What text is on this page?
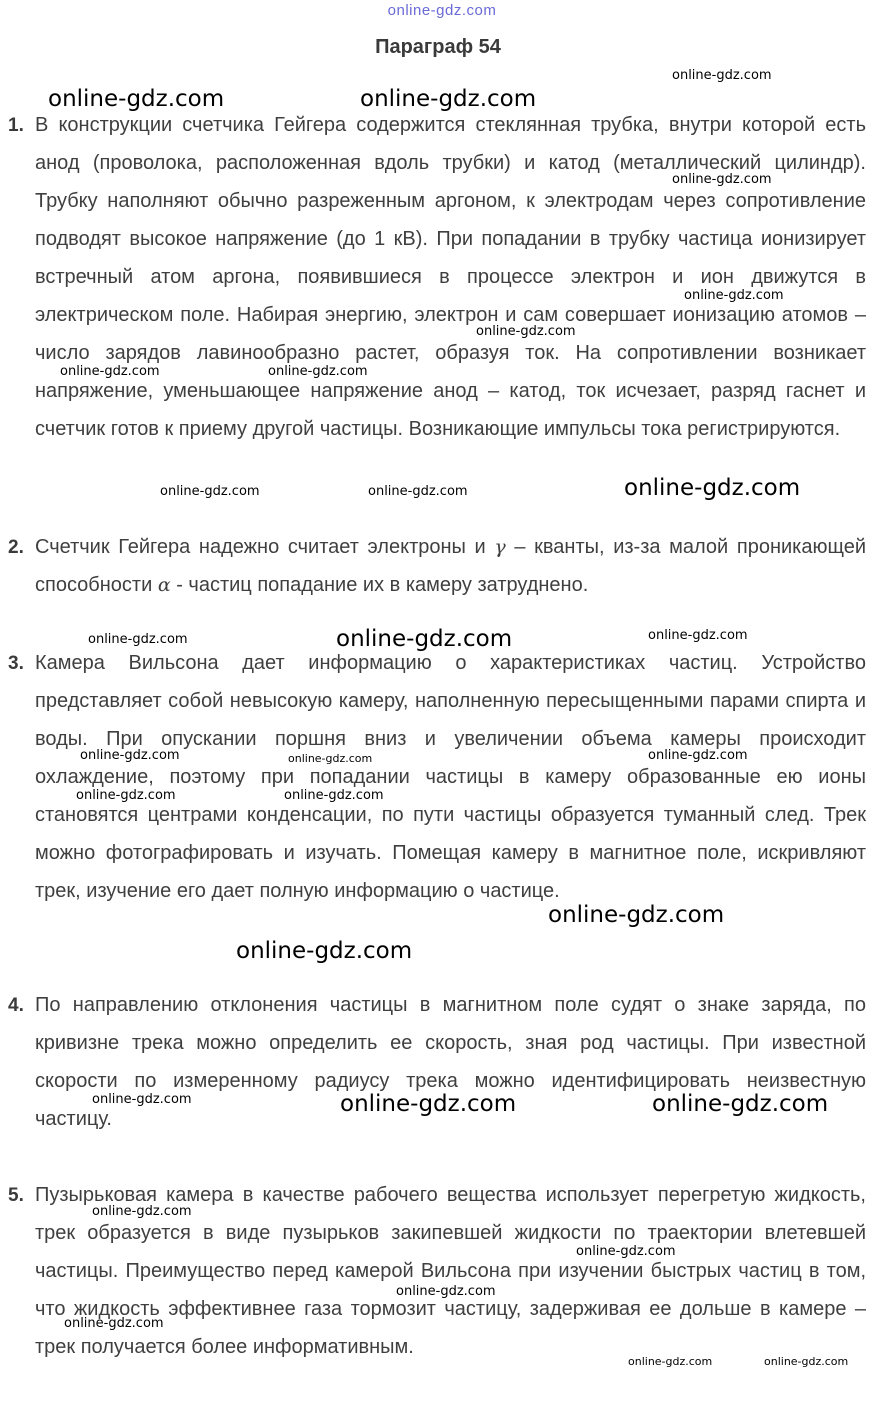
online-gdz.com
Параграф 54
1. В конструкции счетчика Гейгера содержится стеклянная трубка, внутри которой есть анод (проволока, расположенная вдоль трубки) и катод (металлический цилиндр). Трубку наполняют обычно разреженным аргоном, к электродам через сопротивление подводят высокое напряжение (до 1 кВ). При попадании в трубку частица ионизирует встречный атом аргона, появившиеся в процессе электрон и ион движутся в электрическом поле. Набирая энергию, электрон и сам совершает ионизацию атомов – число зарядов лавинообразно растет, образуя ток. На сопротивлении возникает напряжение, уменьшающее напряжение анод – катод, ток исчезает, разряд гаснет и счетчик готов к приему другой частицы. Возникающие импульсы тока регистрируются.
2. Счетчик Гейгера надежно считает электроны и γ – кванты, из-за малой проникающей способности α - частиц попадание их в камеру затруднено.
3. Камера Вильсона дает информацию о характеристиках частиц. Устройство представляет собой невысокую камеру, наполненную пересыщенными парами спирта и воды. При опускании поршня вниз и увеличении объема камеры происходит охлаждение, поэтому при попадании частицы в камеру образованные ею ионы становятся центрами конденсации, по пути частицы образуется туманный след. Трек можно фотографировать и изучать. Помещая камеру в магнитное поле, искривляют трек, изучение его дает полную информацию о частице.
4. По направлению отклонения частицы в магнитном поле судят о знаке заряда, по кривизне трека можно определить ее скорость, зная род частицы. При известной скорости по измеренному радиусу трека можно идентифицировать неизвестную частицу.
5. Пузырьковая камера в качестве рабочего вещества использует перегретую жидкость, трек образуется в виде пузырьков закипевшей жидкости по траектории влетевшей частицы. Преимущество перед камерой Вильсона при изучении быстрых частиц в том, что жидкость эффективнее газа тормозит частицу, задерживая ее дольше в камере – трек получается более информативным.
online-gdz.com
online-gdz.com	online-gdz.com
online-gdz.com
online-gdz.com
online-gdz.com
online-gdz.com	online-gdz.com
online-gdz.com	online-gdz.com	online-gdz.com
online-gdz.com	online-gdz.com	online-gdz.com
online-gdz.com	online-gdz.com	online-gdz.com
online-gdz.com	online-gdz.com
online-gdz.com
online-gdz.com
online-gdz.com	online-gdz.com	online-gdz.com
online-gdz.com
online-gdz.com
online-gdz.com
online-gdz.com
online-gdz.com	online-gdz.com
